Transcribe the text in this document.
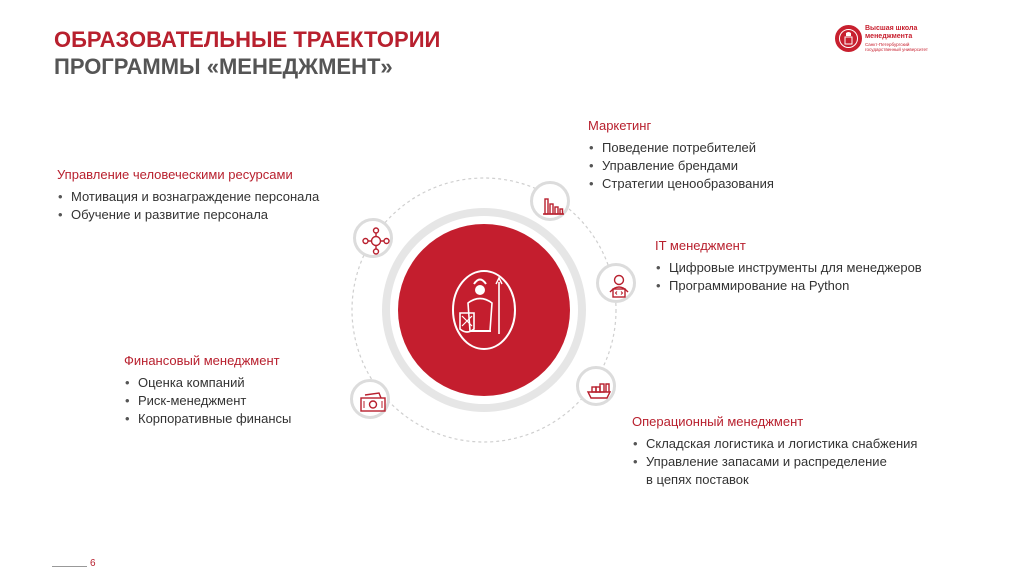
ОБРАЗОВАТЕЛЬНЫЕ ТРАЕКТОРИИ
ПРОГРАММЫ «МЕНЕДЖМЕНТ»
Высшая школа
менеджмента
Санкт-Петербургский
государственный университет
Управление человеческими ресурсами
• Мотивация и вознаграждение персонала
• Обучение и развитие персонала
Маркетинг
• Поведение потребителей
• Управление брендами
• Стратегии ценообразования
IT менеджмент
• Цифровые инструменты для менеджеров
• Программирование на Python
Финансовый менеджмент
• Оценка компаний
• Риск-менеджмент
• Корпоративные финансы	Операционный менеджмент
• Складская логистика и логистика снабжения
• Управление запасами и распределение
в цепях поставок
6
